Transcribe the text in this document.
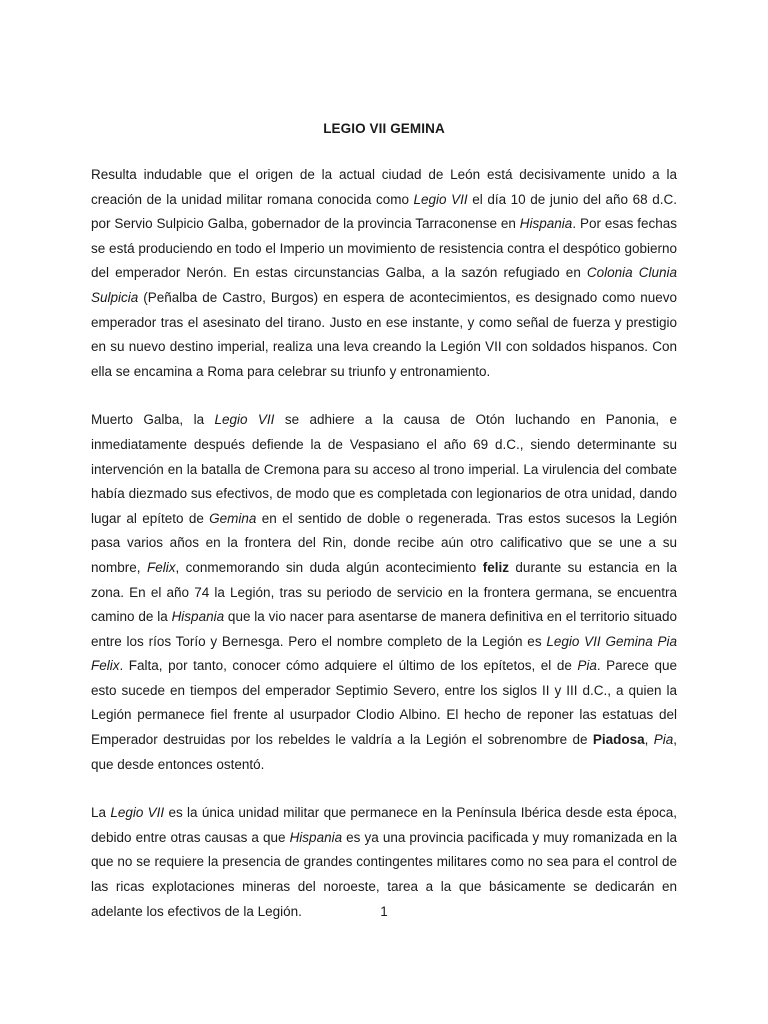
LEGIO VII GEMINA

Resulta indudable que el origen de la actual ciudad de León está decisivamente unido a la creación de la unidad militar romana conocida como Legio VII el día 10 de junio del año 68 d.C. por Servio Sulpicio Galba, gobernador de la provincia Tarraconense en Hispania. Por esas fechas se está produciendo en todo el Imperio un movimiento de resistencia contra el despótico gobierno del emperador Nerón. En estas circunstancias Galba, a la sazón refugiado en Colonia Clunia Sulpicia (Peñalba de Castro, Burgos) en espera de acontecimientos, es designado como nuevo emperador tras el asesinato del tirano. Justo en ese instante, y como señal de fuerza y prestigio en su nuevo destino imperial, realiza una leva creando la Legión VII con soldados hispanos. Con ella se encamina a Roma para celebrar su triunfo y entronamiento.

Muerto Galba, la Legio VII se adhiere a la causa de Otón luchando en Panonia, e inmediatamente después defiende la de Vespasiano el año 69 d.C., siendo determinante su intervención en la batalla de Cremona para su acceso al trono imperial. La virulencia del combate había diezmado sus efectivos, de modo que es completada con legionarios de otra unidad, dando lugar al epíteto de Gemina en el sentido de doble o regenerada. Tras estos sucesos la Legión pasa varios años en la frontera del Rin, donde recibe aún otro calificativo que se une a su nombre, Felix, conmemorando sin duda algún acontecimiento feliz durante su estancia en la zona. En el año 74 la Legión, tras su periodo de servicio en la frontera germana, se encuentra camino de la Hispania que la vio nacer para asentarse de manera definitiva en el territorio situado entre los ríos Torío y Bernesga. Pero el nombre completo de la Legión es Legio VII Gemina Pia Felix. Falta, por tanto, conocer cómo adquiere el último de los epítetos, el de Pia. Parece que esto sucede en tiempos del emperador Septimio Severo, entre los siglos II y III d.C., a quien la Legión permanece fiel frente al usurpador Clodio Albino. El hecho de reponer las estatuas del Emperador destruidas por los rebeldes le valdría a la Legión el sobrenombre de Piadosa, Pia, que desde entonces ostentó.

La Legio VII es la única unidad militar que permanece en la Península Ibérica desde esta época, debido entre otras causas a que Hispania es ya una provincia pacificada y muy romanizada en la que no se requiere la presencia de grandes contingentes militares como no sea para el control de las ricas explotaciones mineras del noroeste, tarea a la que básicamente se dedicarán en adelante los efectivos de la Legión.	1
